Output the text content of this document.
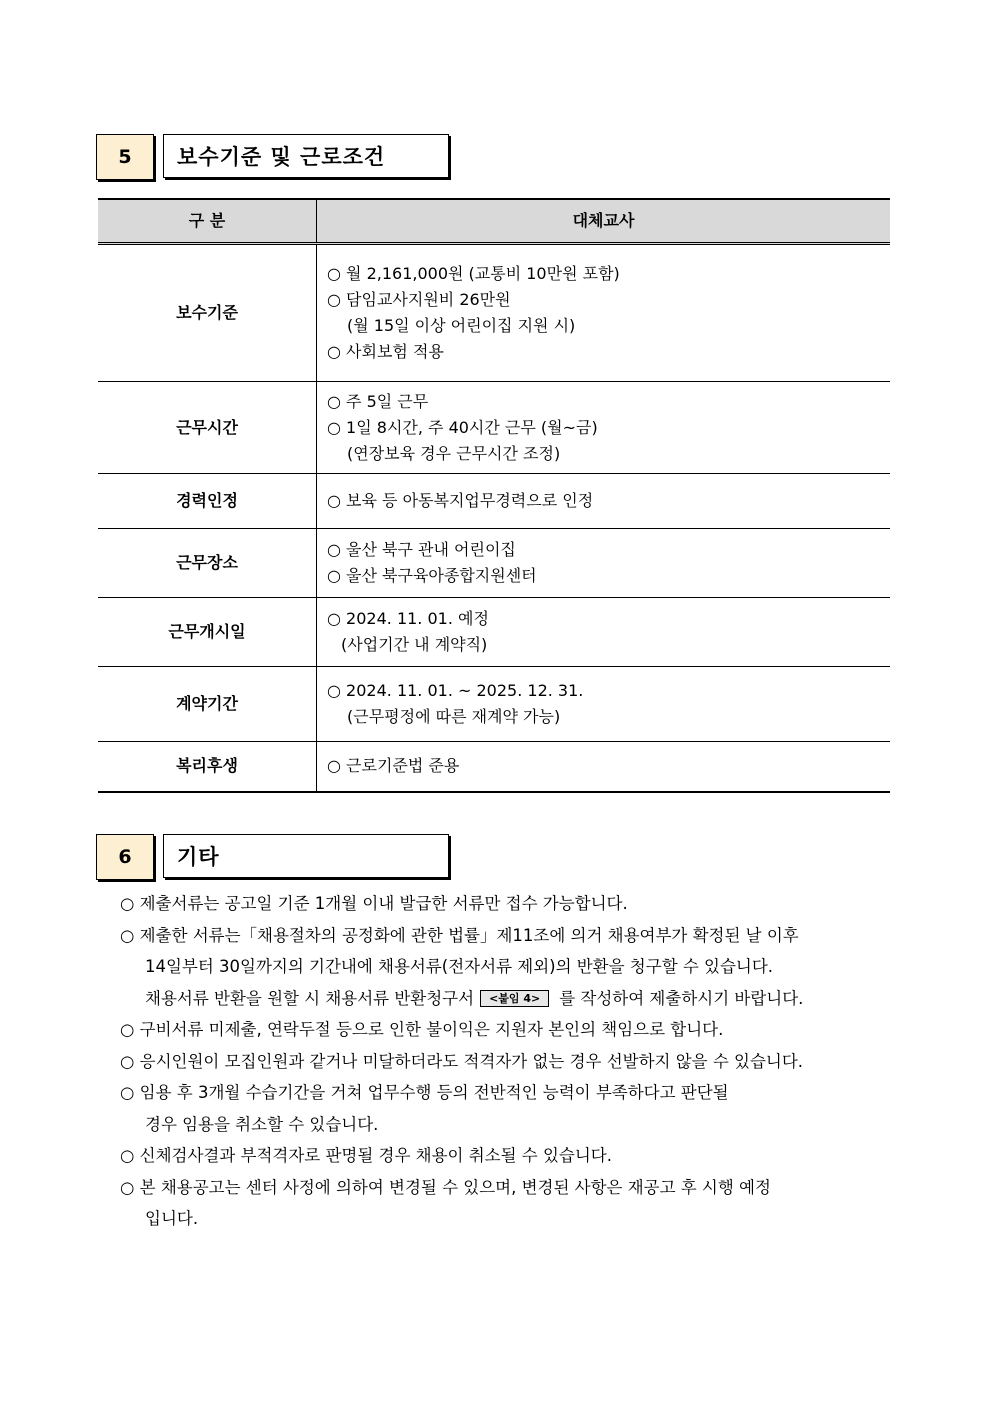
5	보수기준 및 근로조건
구 분	대체교사
보수기준	○ 월 2,161,000원 (교통비 10만원 포함)
○ 담임교사지원비 26만원
(월 15일 이상 어린이집 지원 시)
○ 사회보험 적용

근무시간	○ 주 5일 근무
○ 1일 8시간, 주 40시간 근무 (월~금)
(연장보육 경우 근무시간 조정)

경력인정	○ 보육 등 아동복지업무경력으로 인정

근무장소	○ 울산 북구 관내 어린이집
○ 울산 북구육아종합지원센터

근무개시일	○ 2024. 11. 01. 예정
(사업기간 내 계약직)

계약기간	○ 2024. 11. 01. ~ 2025. 12. 31.
(근무평정에 따른 재계약 가능)

복리후생	○ 근로기준법 준용
6	기타
○ 제출서류는 공고일 기준 1개월 이내 발급한 서류만 접수 가능합니다.
○ 제출한 서류는「채용절차의 공정화에 관한 법률」제11조에 의거 채용여부가 확정된 날 이후
14일부터 30일까지의 기간내에 채용서류(전자서류 제외)의 반환을 청구할 수 있습니다.
채용서류 반환을 원할 시 채용서류 반환청구서 <붙임 4> 를 작성하여 제출하시기 바랍니다.
○ 구비서류 미제출, 연락두절 등으로 인한 불이익은 지원자 본인의 책임으로 합니다.
○ 응시인원이 모집인원과 같거나 미달하더라도 적격자가 없는 경우 선발하지 않을 수 있습니다.
○ 임용 후 3개월 수습기간을 거쳐 업무수행 등의 전반적인 능력이 부족하다고 판단될
경우 임용을 취소할 수 있습니다.
○ 신체검사결과 부적격자로 판명될 경우 채용이 취소될 수 있습니다.
○ 본 채용공고는 센터 사정에 의하여 변경될 수 있으며, 변경된 사항은 재공고 후 시행 예정
입니다.
